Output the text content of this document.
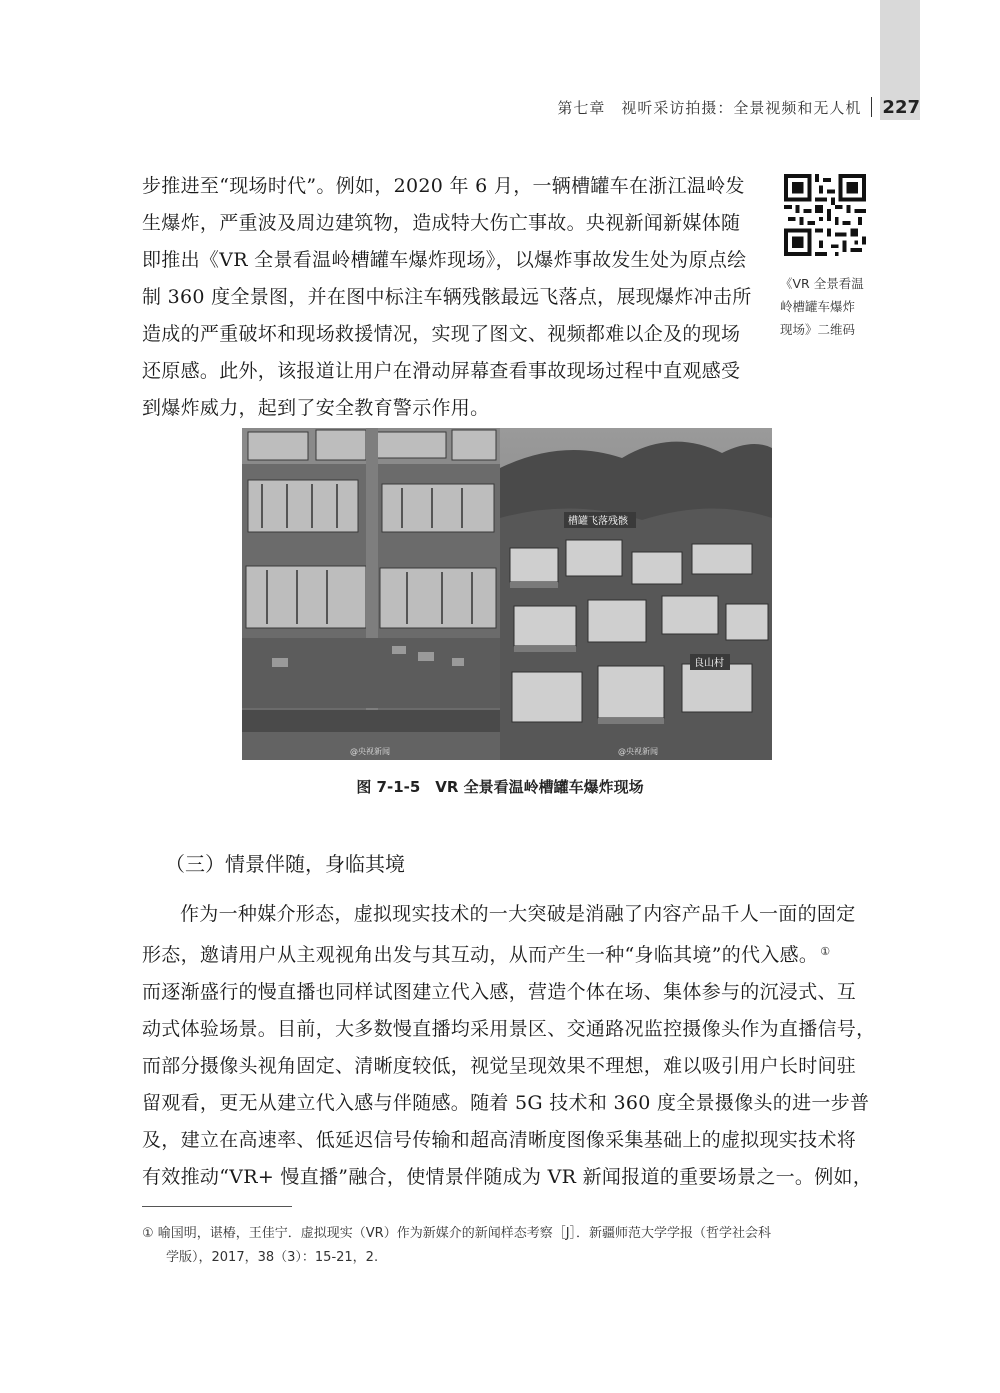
第七章　视听采访拍摄：全景视频和无人机 227
步推进至“现场时代”。例如，2020 年 6 月，一辆槽罐车在浙江温岭发
生爆炸，严重波及周边建筑物，造成特大伤亡事故。央视新闻新媒体随
即推出《VR 全景看温岭槽罐车爆炸现场》，以爆炸事故发生处为原点绘
制 360 度全景图，并在图中标注车辆残骸最远飞落点，展现爆炸冲击所
造成的严重破坏和现场救援情况，实现了图文、视频都难以企及的现场
还原感。此外，该报道让用户在滑动屏幕查看事故现场过程中直观感受
到爆炸威力，起到了安全教育警示作用。
《VR 全景看温
岭槽罐车爆炸
现场》二维码
槽罐飞落残骸
良山村
@央视新闻	@央视新闻
图 7-1-5　VR 全景看温岭槽罐车爆炸现场
（三）情景伴随，身临其境
作为一种媒介形态，虚拟现实技术的一大突破是消融了内容产品千人一面的固定
形态，邀请用户从主观视角出发与其互动，从而产生一种“身临其境”的代入感。 ①
而逐渐盛行的慢直播也同样试图建立代入感，营造个体在场、集体参与的沉浸式、互
动式体验场景。目前，大多数慢直播均采用景区、交通路况监控摄像头作为直播信号，
而部分摄像头视角固定、清晰度较低，视觉呈现效果不理想，难以吸引用户长时间驻
留观看，更无从建立代入感与伴随感。随着 5G 技术和 360 度全景摄像头的进一步普
及，建立在高速率、低延迟信号传输和超高清晰度图像采集基础上的虚拟现实技术将
有效推动“VR+ 慢直播”融合，使情景伴随成为 VR 新闻报道的重要场景之一。例如，
① 喻国明，谌椿，王佳宁．虚拟现实（VR）作为新媒介的新闻样态考察［J］．新疆师范大学学报（哲学社会科
学版），2017，38（3）：15-21，2.
